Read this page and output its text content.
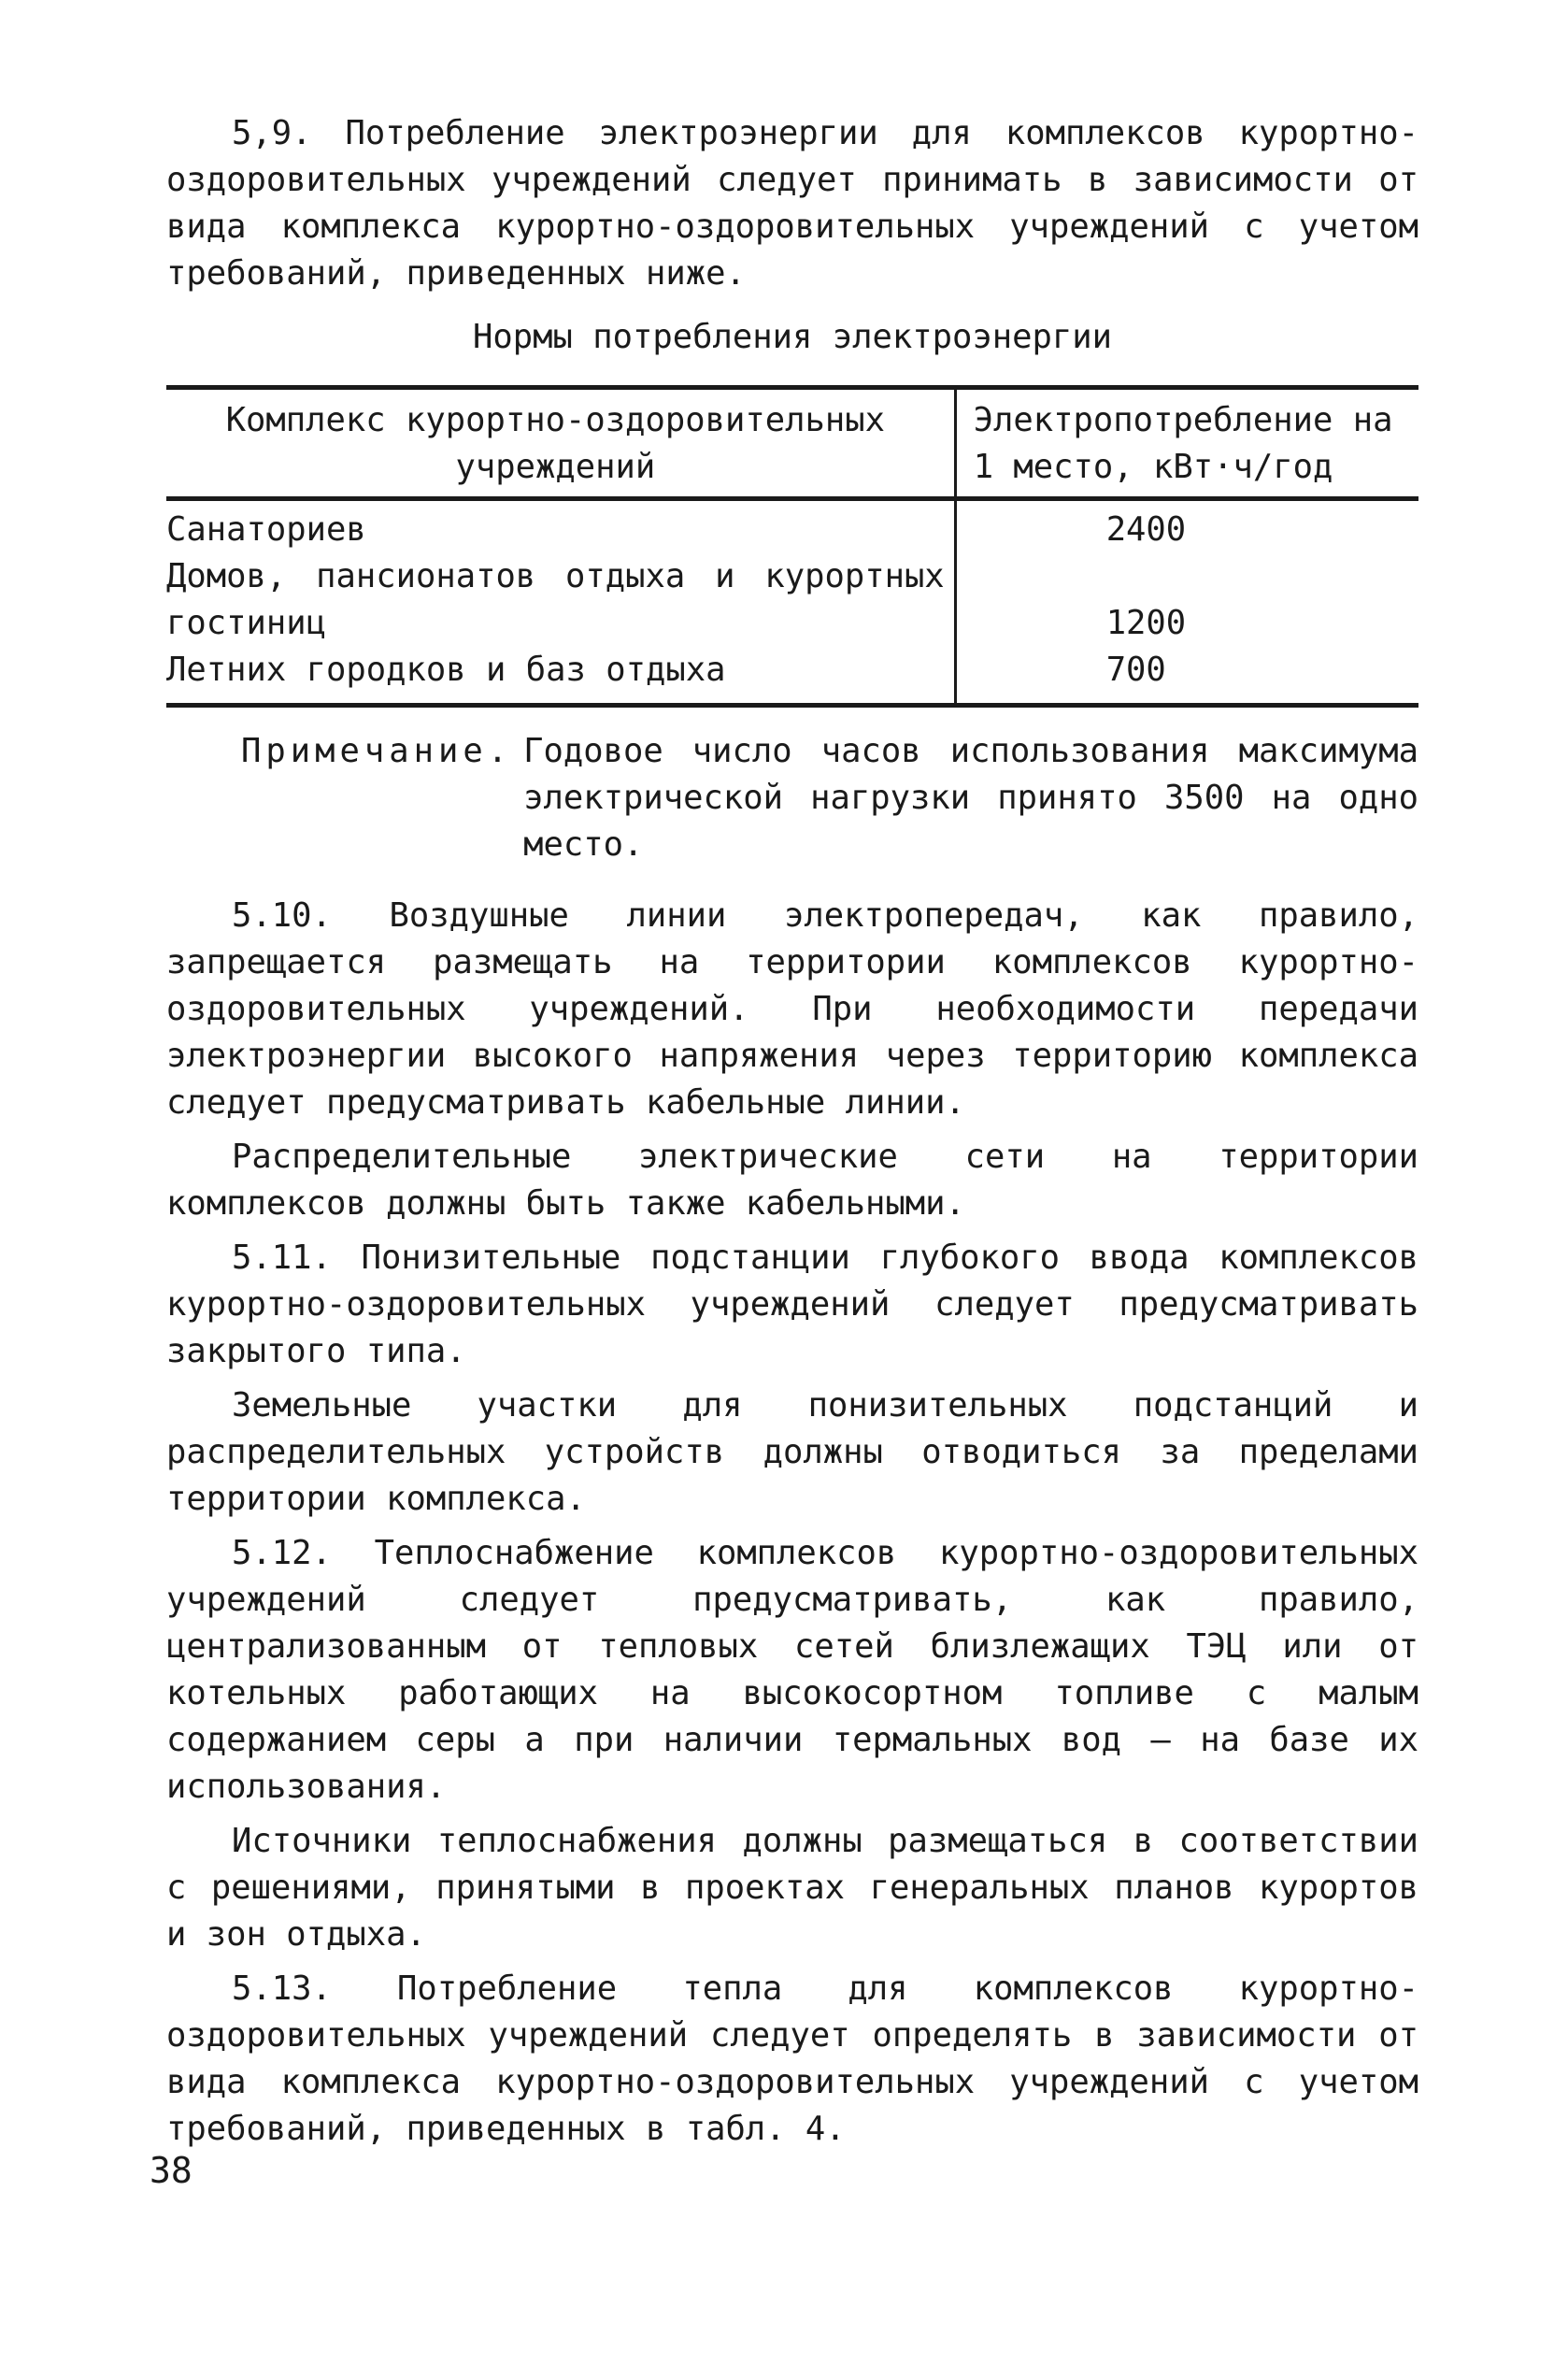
5,9. Потребление электроэнергии для комплексов курортно-оздоровительных учреждений следует принимать в зависимости от вида комплекса курортно-оздоровительных учреждений с учетом требований, приведенных ниже.

Нормы потребления электроэнергии
Комплекс курортно-оздоровительных учреждений	Электропотребление на 1 место, кВт·ч/год
Санаториев	2400
Домов, пансионатов отдыха и курортных гостиниц	1200
Летних городков и баз отдыха	700
Примечание. Годовое число часов использования максимума электрической нагрузки принято 3500 на одно место.

5.10. Воздушные линии электропередач, как правило, запрещается размещать на территории комплексов курортно-оздоровительных учреждений. При необходимости передачи электроэнергии высокого напряжения через территорию комплекса следует предусматривать кабельные линии.

Распределительные электрические сети на территории комплексов должны быть также кабельными.

5.11. Понизительные подстанции глубокого ввода комплексов курортно-оздоровительных учреждений следует предусматривать закрытого типа.

Земельные участки для понизительных подстанций и распределительных устройств должны отводиться за пределами территории комплекса.

5.12. Теплоснабжение комплексов курортно-оздоровительных учреждений следует предусматривать, как правило, централизованным от тепловых сетей близлежащих ТЭЦ или от котельных работающих на высокосортном топливе с малым содержанием серы а при наличии термальных вод – на базе их использования.

Источники теплоснабжения должны размещаться в соответствии с решениями, принятыми в проектах генеральных планов курортов и зон отдыха.

5.13. Потребление тепла для комплексов курортно-оздоровительных учреждений следует определять в зависимости от вида комплекса курортно-оздоровительных учреждений с учетом требований, приведенных в табл. 4.

38
